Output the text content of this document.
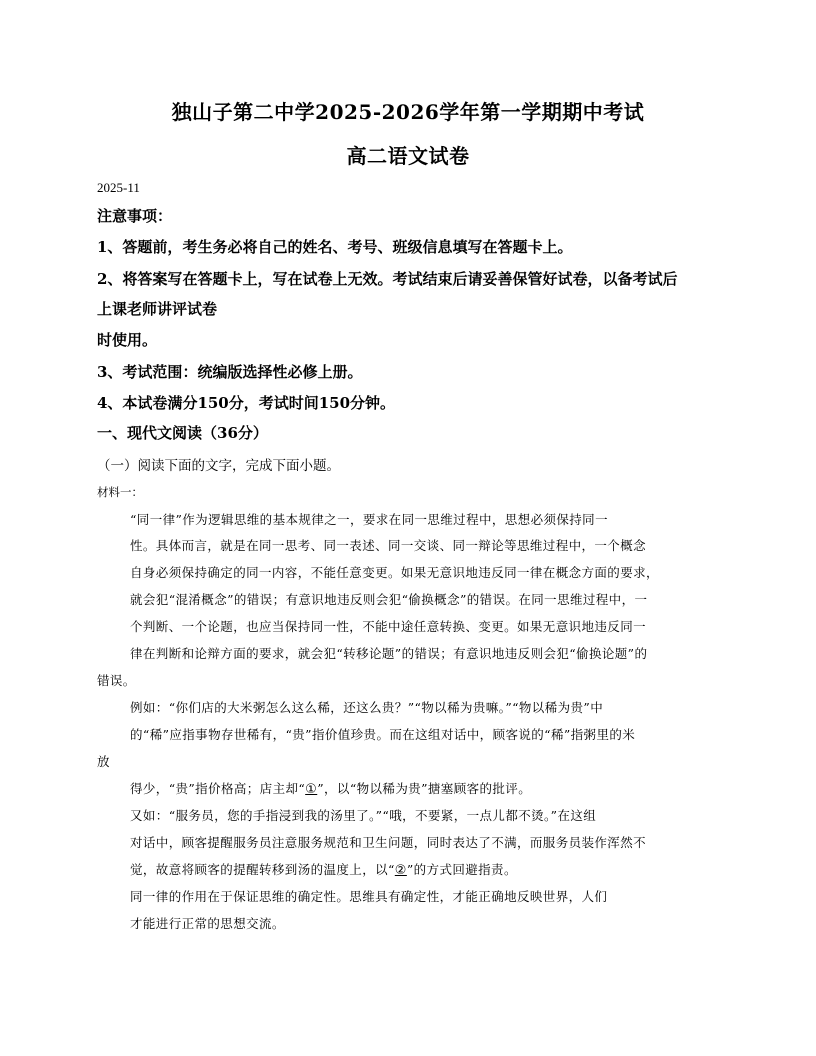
独山子第二中学2025-2026学年第一学期期中考试
高二语文试卷
2025-11
注意事项：
1、答题前，考生务必将自己的姓名、考号、班级信息填写在答题卡上。
2、将答案写在答题卡上，写在试卷上无效。考试结束后请妥善保管好试卷，以备考试后
上课老师讲评试卷
时使用。
3、考试范围：统编版选择性必修上册。
4、本试卷满分150分，考试时间150分钟。
一、现代文阅读（36分）
（一）阅读下面的文字，完成下面小题。
材料一：
“同一律”作为逻辑思维的基本规律之一，要求在同一思维过程中，思想必须保持同一
性。具体而言，就是在同一思考、同一表述、同一交谈、同一辩论等思维过程中，一个概念
自身必须保持确定的同一内容，不能任意变更。如果无意识地违反同一律在概念方面的要求，
就会犯“混淆概念”的错误；有意识地违反则会犯“偷换概念”的错误。在同一思维过程中，一
个判断、一个论题，也应当保持同一性，不能中途任意转换、变更。如果无意识地违反同一
律在判断和论辩方面的要求，就会犯“转移论题”的错误；有意识地违反则会犯“偷换论题”的
错误。
例如：“你们店的大米粥怎么这么稀，还这么贵？”“物以稀为贵嘛。”“物以稀为贵”中
的“稀”应指事物存世稀有，“贵”指价值珍贵。而在这组对话中，顾客说的“稀”指粥里的米
放
得少，“贵”指价格高；店主却“①”，以“物以稀为贵”搪塞顾客的批评。
又如：“服务员，您的手指浸到我的汤里了。”“哦，不要紧，一点儿都不烫。”在这组
对话中，顾客提醒服务员注意服务规范和卫生问题，同时表达了不满，而服务员装作浑然不
觉，故意将顾客的提醒转移到汤的温度上，以“②”的方式回避指责。
同一律的作用在于保证思维的确定性。思维具有确定性，才能正确地反映世界，人们
才能进行正常的思想交流。
